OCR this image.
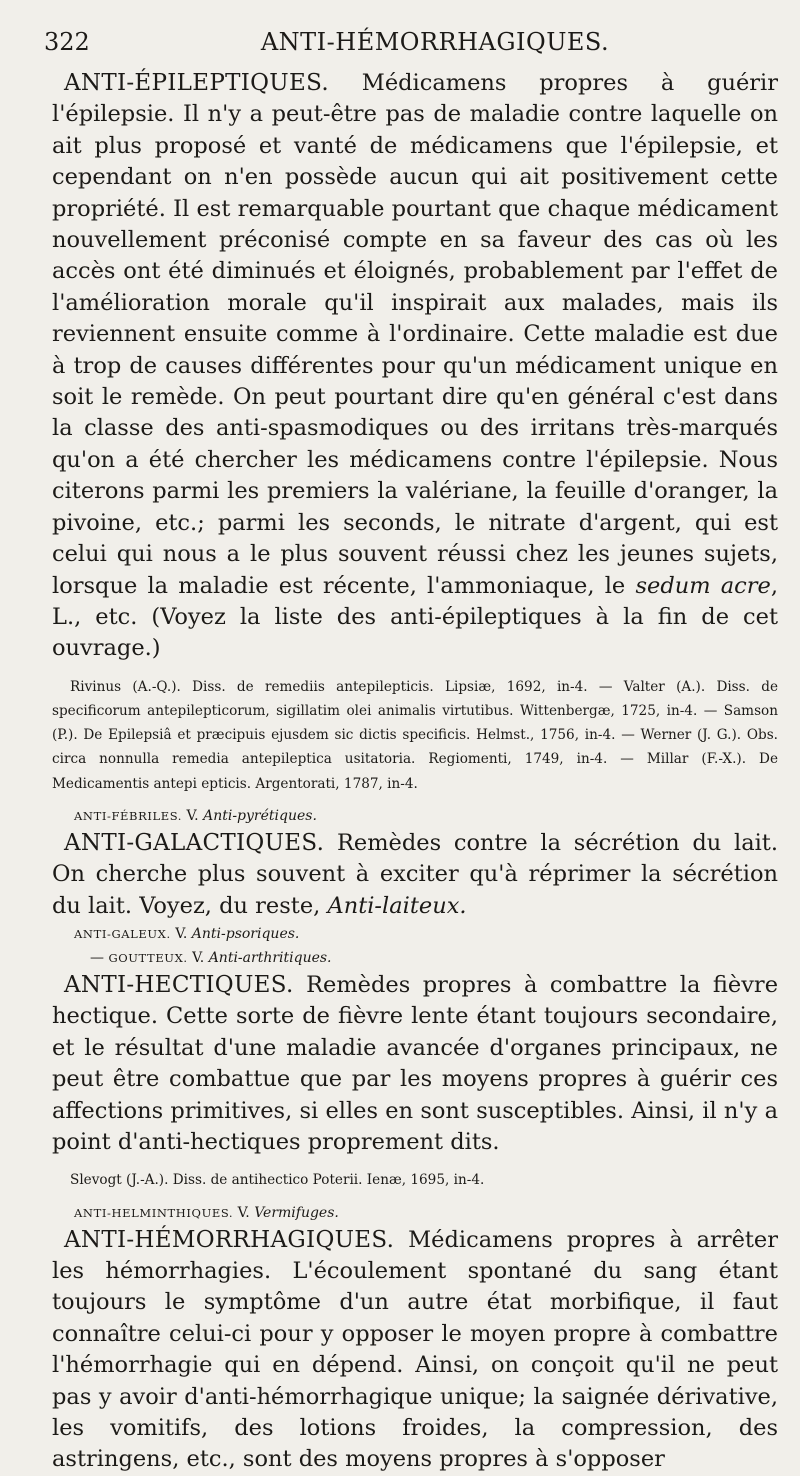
322	ANTI-HÉMORRHAGIQUES.

ANTI-ÉPILEPTIQUES. Médicamens propres à guérir l'épilepsie. Il n'y a peut-être pas de maladie contre laquelle on ait plus proposé et vanté de médicamens que l'épilepsie, et cependant on n'en possède aucun qui ait positivement cette propriété. Il est remarquable pourtant que chaque médicament nouvellement préconisé compte en sa faveur des cas où les accès ont été diminués et éloignés, probablement par l'effet de l'amélioration morale qu'il inspirait aux malades, mais ils reviennent ensuite comme à l'ordinaire. Cette maladie est due à trop de causes différentes pour qu'un médicament unique en soit le remède. On peut pourtant dire qu'en général c'est dans la classe des anti-spasmodiques ou des irritans très-marqués qu'on a été chercher les médicamens contre l'épilepsie. Nous citerons parmi les premiers la valériane, la feuille d'oranger, la pivoine, etc.; parmi les seconds, le nitrate d'argent, qui est celui qui nous a le plus souvent réussi chez les jeunes sujets, lorsque la maladie est récente, l'ammoniaque, le sedum acre, L., etc. (Voyez la liste des anti-épileptiques à la fin de cet ouvrage.)

Rivinus (A.-Q.). Diss. de remediis antepilepticis. Lipsiæ, 1692, in-4. — Valter (A.). Diss. de specificorum antepilepticorum, sigillatim olei animalis virtutibus. Wittenbergæ, 1725, in-4. — Samson (P.). De Epilepsiâ et præcipuis ejusdem sic dictis specificis. Helmst., 1756, in-4. — Werner (J. G.). Obs. circa nonnulla remedia antepileptica usitatoria. Regiomenti, 1749, in-4. — Millar (F.-X.). De Medicamentis antepi epticis. Argentorati, 1787, in-4.

ANTI-FÉBRILES. V. Anti-pyrétiques.

ANTI-GALACTIQUES. Remèdes contre la sécrétion du lait. On cherche plus souvent à exciter qu'à réprimer la sécrétion du lait. Voyez, du reste, Anti-laiteux.

ANTI-GALEUX. V. Anti-psoriques.

— GOUTTEUX. V. Anti-arthritiques.

ANTI-HECTIQUES. Remèdes propres à combattre la fièvre hectique. Cette sorte de fièvre lente étant toujours secondaire, et le résultat d'une maladie avancée d'organes principaux, ne peut être combattue que par les moyens propres à guérir ces affections primitives, si elles en sont susceptibles. Ainsi, il n'y a point d'anti-hectiques proprement dits.

Slevogt (J.-A.). Diss. de antihectico Poterii. Ienæ, 1695, in-4.

ANTI-HELMINTHIQUES. V. Vermifuges.

ANTI-HÉMORRHAGIQUES. Médicamens propres à arrêter les hémorrhagies. L'écoulement spontané du sang étant toujours le symptôme d'un autre état morbifique, il faut connaître celui-ci pour y opposer le moyen propre à combattre l'hémorrhagie qui en dépend. Ainsi, on conçoit qu'il ne peut pas y avoir d'anti-hémorrhagique unique; la saignée dérivative, les vomitifs, des lotions froides, la compression, des astringens, etc., sont des moyens propres à s'opposer
